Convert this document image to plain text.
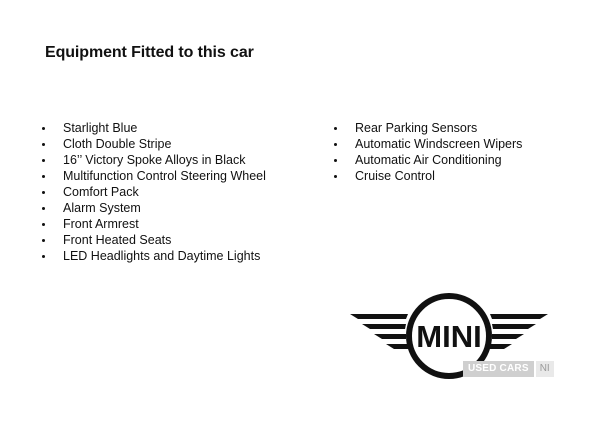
Equipment Fitted to this car
Starlight Blue
Cloth Double Stripe
16’’ Victory Spoke Alloys in Black
Multifunction Control Steering Wheel
Comfort Pack
Alarm System
Front Armrest
Front Heated Seats
LED Headlights and Daytime Lights
Rear Parking Sensors
Automatic Windscreen Wipers
Automatic Air Conditioning
Cruise Control
MINI
USED CARS	NI
